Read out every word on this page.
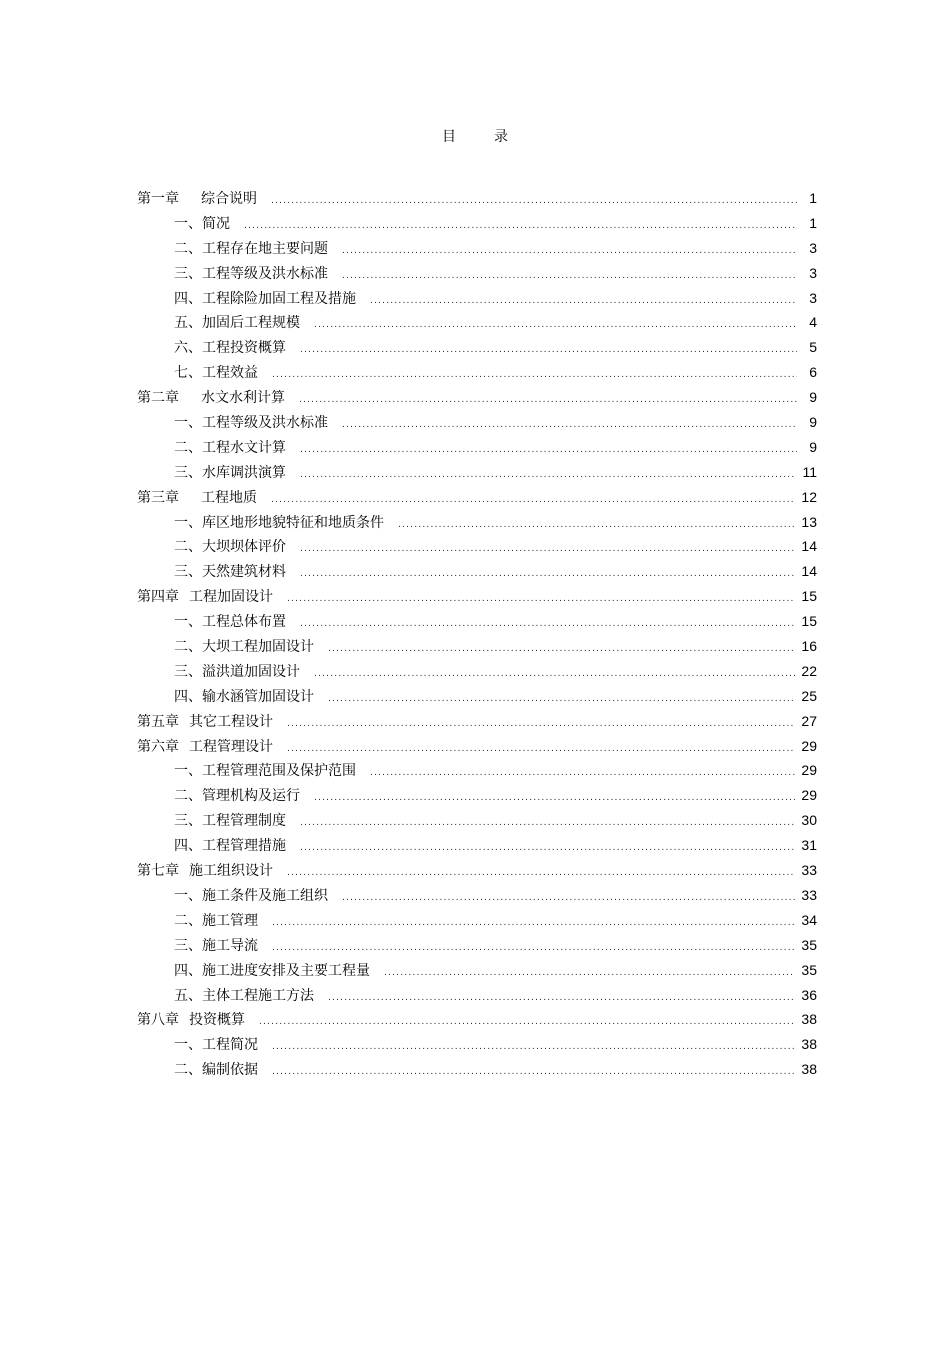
目	录
第一章 综合说明 .....	1
一、简况 .....	1
二、工程存在地主要问题 .....	3
三、工程等级及洪水标准 .....	3
四、工程除险加固工程及措施 .....	3
五、加固后工程规模 .....	4
六、工程投资概算 .....	5
七、工程效益 .....	6
第二章 水文水利计算 .....	9
一、工程等级及洪水标准 .....	9
二、工程水文计算 .....	9
三、水库调洪演算 .....	11
第三章 工程地质 .....	12
一、库区地形地貌特征和地质条件 .....	13
二、大坝坝体评价 .....	14
三、天然建筑材料 .....	14
第四章 工程加固设计 .....	15
一、工程总体布置 .....	15
二、大坝工程加固设计 .....	16
三、溢洪道加固设计 .....	22
四、输水涵管加固设计 .....	25
第五章 其它工程设计 .....	27
第六章 工程管理设计 .....	29
一、工程管理范围及保护范围 .....	29
二、管理机构及运行 .....	29
三、工程管理制度 .....	30
四、工程管理措施 .....	31
第七章 施工组织设计 .....	33
一、施工条件及施工组织 .....	33
二、施工管理 .....	34
三、施工导流 .....	35
四、施工进度安排及主要工程量 .....	35
五、主体工程施工方法 .....	36
第八章 投资概算 .....	38
一、工程简况 .....	38
二、编制依据 .....	38
